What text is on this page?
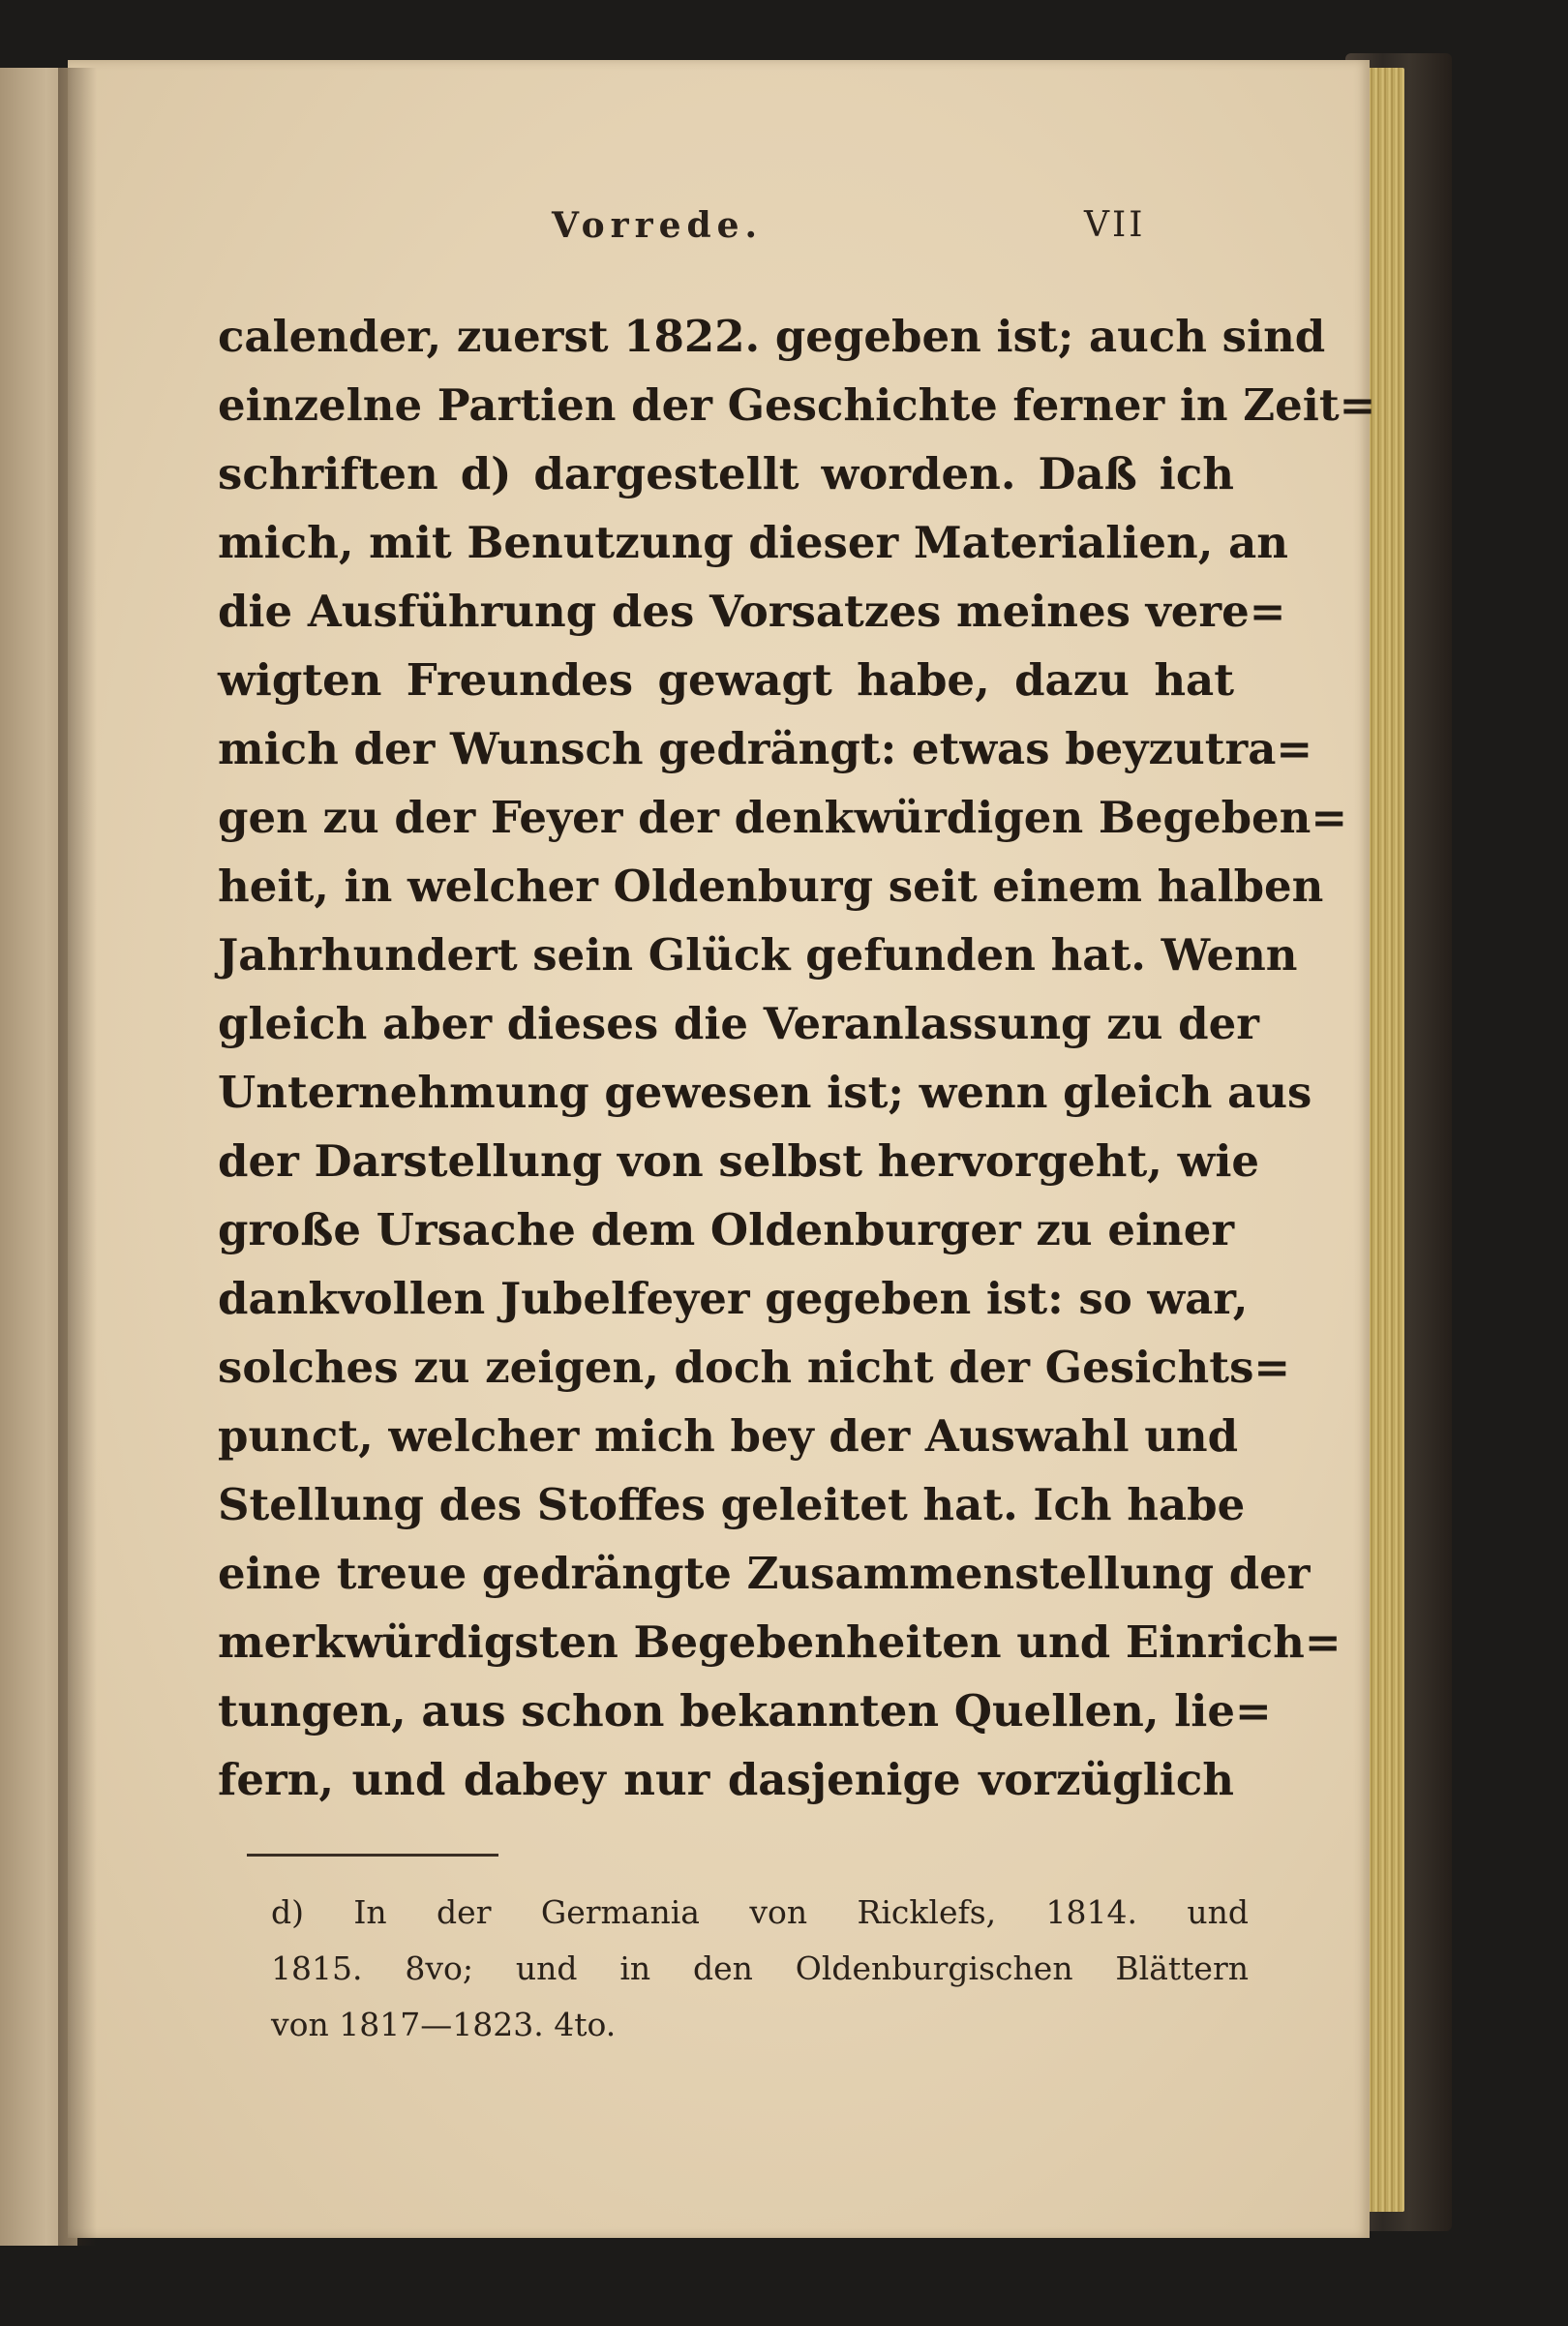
Vorrede.	VII
calender, zuerst 1822. gegeben ist; auch sind
einzelne Partien der Geschichte ferner in Zeit=
schriften d) dargestellt worden. Daß ich
mich, mit Benutzung dieser Materialien, an
die Ausführung des Vorsatzes meines vere=
wigten Freundes gewagt habe, dazu hat
mich der Wunsch gedrängt: etwas beyzutra=
gen zu der Feyer der denkwürdigen Begeben=
heit, in welcher Oldenburg seit einem halben
Jahrhundert sein Glück gefunden hat. Wenn
gleich aber dieses die Veranlassung zu der
Unternehmung gewesen ist; wenn gleich aus
der Darstellung von selbst hervorgeht, wie
große Ursache dem Oldenburger zu einer
dankvollen Jubelfeyer gegeben ist: so war,
solches zu zeigen, doch nicht der Gesichts=
punct, welcher mich bey der Auswahl und
Stellung des Stoffes geleitet hat. Ich habe
eine treue gedrängte Zusammenstellung der
merkwürdigsten Begebenheiten und Einrich=
tungen, aus schon bekannten Quellen, lie=
fern, und dabey nur dasjenige vorzüglich
d) In der Germania von Ricklefs, 1814. und
1815. 8vo; und in den Oldenburgischen Blättern
von 1817—1823. 4to.
